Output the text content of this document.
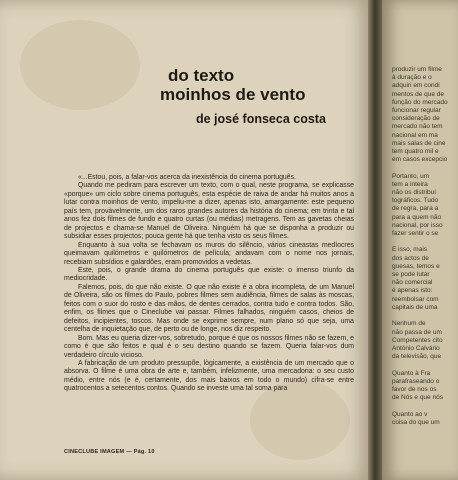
do texto
moinhos de vento
de josé fonseca costa

«...Estou, pois, a falar-vos acerca da inexistência do cinema português.

Quando me pediram para escrever um texto, com o qual, neste programa, se explicasse «porque» um ciclo sobre cinema português, esta espécie de raiva de andar há muitos anos a lutar contra moinhos de vento, impeliu-me a dizer, apenas isto, amargamente: este pequeno país tem, provàvelmente, um dos raros grandes autores da história do cinema; em trinta e tal anos fez dois filmes de fundo e quatro curtas (ou médias) metragens. Tem as gavetas cheias de projectos e chama-se Manuel de Oliveira. Ninguém há que se disponha a produzir ou subsidiar esses projectos; pouca gente há que tenha visto os seus filmes.

Enquanto à sua volta se fechavam os muros do silêncio, vários cineastas medíocres queimavam quilómetros e quilómetros de película; andavam com o nome nos jornais, recebiam subsídios e galardões, eram promovidos a vedetas.

Este, pois, o grande drama do cinema português que existe: o imenso triunfo da mediocridade.

Falemos, pois, do que não existe. O que não existe é a obra incompleta, de um Manuel de Oliveira, são os filmes do Paulo, pobres filmes sem audiência, filmes de salas às moscas, feitos com o suor do rosto e das mãos, de dentes cerrados, contra tudo e contra todos. São, enfim, os filmes que o Cineclube vai passar. Filmes falhados, ninguém casos, cheios de defeitos, incipientes, toscos. Mas onde se exprime sempre, num plano só que seja, uma centelha de inquietação que, de perto ou de longe, nos diz respeito.

Bom. Mas eu queria dizer-vos, sobretudo, porque é que os nossos filmes não se fazem, e como é que são feitos e qual é o seu destino quando se fazem. Queria falar-vos dum verdadeiro círculo vicioso.

A fabricação de um produto pressupõe, lògicamente, a existência de um mercado que o absorva. O filme é uma obra de arte e, também, infelizmente, uma mercadoria: o seu custo médio, entre nós (e é, certamente, dos mais baixos em todo o mundo) cifra-se entre quatrocentos a setecentos contos. Quando se investe uma tal soma para

CINECLUBE IMAGEM — Pág. 10
produzir um filme
à duração e o
adquiri em condi
mentos de que de
função do mercado
funcionar regular
consideração de
mercado não tem
nacional em ma
mais salas de cine
tem quatro mil e
em casos excepcio

Portanto, um
tem a inteira
não os distribuí
tográficos. Tudo
de regra, para a
para a quem não
nacional, por isso
fazer sentir o se

E isso, mais
dos actos de
guesas, temos e
se pode lutar
não comercial
é apenas isto:
reembolsar com
capitais de uma

Nenhum de
não passa de um
Competentes cito
António Calvário
da televisão, que

Quanto à Fra
parafraseando o
favor de nos os
de Nós e que nós

Quanto ao v
coisa do que um
